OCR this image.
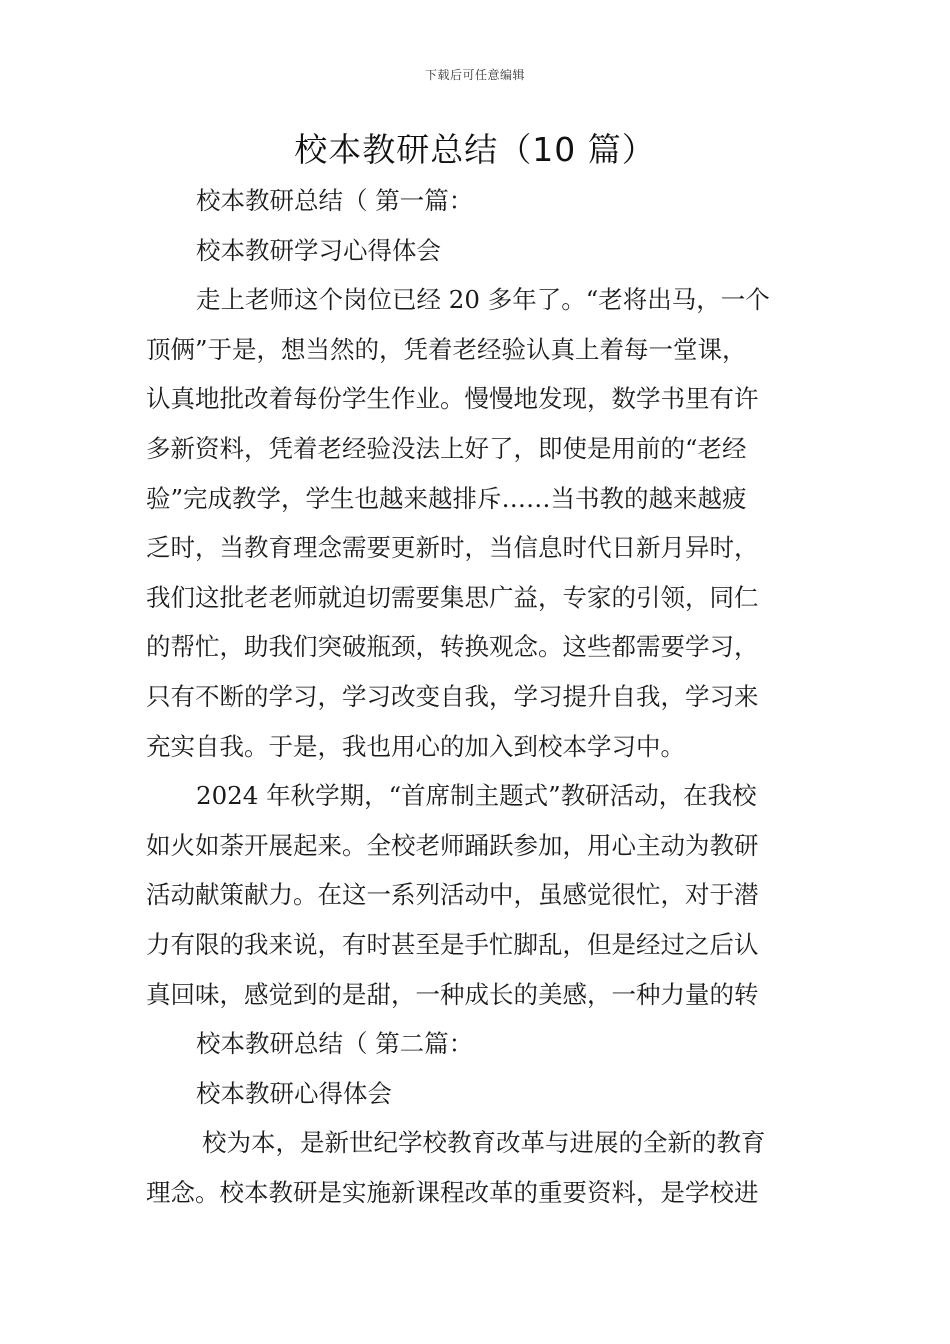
下载后可任意编辑
校本教研总结（10 篇）
校本教研总结（ 第一篇：
校本教研学习心得体会
走上老师这个岗位已经 20 多年了。“老将出马，一个
顶俩”于是，想当然的，凭着老经验认真上着每一堂课，
认真地批改着每份学生作业。慢慢地发现，数学书里有许
多新资料，凭着老经验没法上好了，即使是用前的“老经
验”完成教学，学生也越来越排斥……当书教的越来越疲
乏时，当教育理念需要更新时，当信息时代日新月异时，
我们这批老老师就迫切需要集思广益，专家的引领，同仁
的帮忙，助我们突破瓶颈，转换观念。这些都需要学习，
只有不断的学习，学习改变自我，学习提升自我，学习来
充实自我。于是，我也用心的加入到校本学习中。
2024 年秋学期，“首席制主题式”教研活动，在我校
如火如荼开展起来。全校老师踊跃参加，用心主动为教研
活动献策献力。在这一系列活动中，虽感觉很忙，对于潜
力有限的我来说，有时甚至是手忙脚乱，但是经过之后认
真回味，感觉到的是甜，一种成长的美感，一种力量的转
校本教研总结（ 第二篇：
校本教研心得体会
校为本，是新世纪学校教育改革与进展的全新的教育
理念。校本教研是实施新课程改革的重要资料，是学校进
